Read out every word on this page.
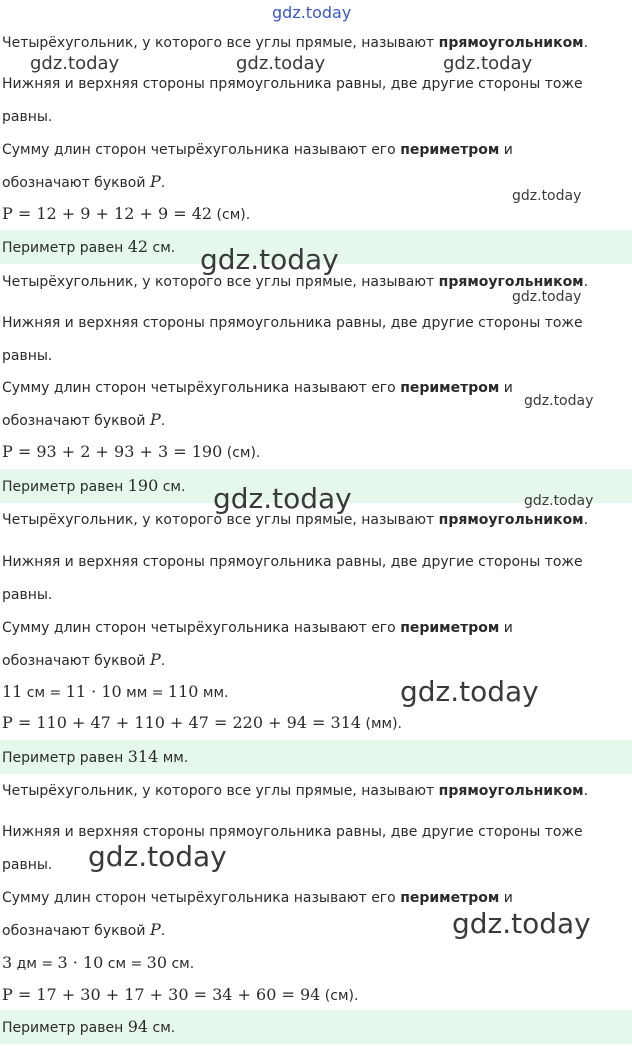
Четырёхугольник, у которого все углы прямые, называют прямоугольником.
Нижняя и верхняя стороны прямоугольника равны, две другие стороны тоже
равны.
Сумму длин сторон четырёхугольника называют его периметром и
обозначают буквой P.
P = 12 + 9 + 12 + 9 = 42 (см).
Периметр равен 42 см.
Четырёхугольник, у которого все углы прямые, называют прямоугольником.
Нижняя и верхняя стороны прямоугольника равны, две другие стороны тоже
равны.
Сумму длин сторон четырёхугольника называют его периметром и
обозначают буквой P.
P = 93 + 2 + 93 + 3 = 190 (см).
Периметр равен 190 см.
Четырёхугольник, у которого все углы прямые, называют прямоугольником.
Нижняя и верхняя стороны прямоугольника равны, две другие стороны тоже
равны.
Сумму длин сторон четырёхугольника называют его периметром и
обозначают буквой P.
11 см = 11 · 10 мм = 110 мм.
P = 110 + 47 + 110 + 47 = 220 + 94 = 314 (мм).
Периметр равен 314 мм.
Четырёхугольник, у которого все углы прямые, называют прямоугольником.
Нижняя и верхняя стороны прямоугольника равны, две другие стороны тоже
равны.
Сумму длин сторон четырёхугольника называют его периметром и
обозначают буквой P.
3 дм = 3 · 10 см = 30 см.
P = 17 + 30 + 17 + 30 = 34 + 60 = 94 (см).
Периметр равен 94 см.
gdz.today
gdz.today	gdz.today	gdz.today
gdz.today
gdz.today
gdz.today
gdz.today
gdz.today	gdz.today
gdz.today
gdz.today
gdz.today
